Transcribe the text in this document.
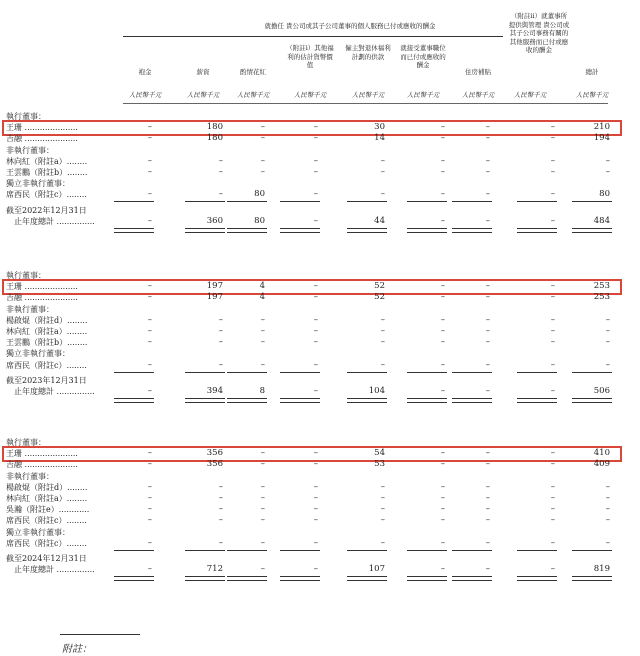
就擔任 貴公司或其子公司董事的個人服務已付或應收的酬金
（附註ii）就董事所提供與管理 貴公司或其子公司事務有關的其他服務而已付或應收的酬金
袍金
人民幣千元
薪資
人民幣千元
酌情花紅
人民幣千元
（附註i）其他福利的估計貨幣價值
人民幣千元
僱主對退休福利計劃的供款
人民幣千元
就接受董事職位而已付或應收的酬金
人民幣千元
住房補貼
人民幣千元	人民幣千元
總計
人民幣千元
執行董事：
王珊 .....................	–	180	–	–	30	–	–	–	210
吉融 .....................	–	180	–	–	14	–	–	–	194
非執行董事：
林向紅（附註a）........	–	–	–	–	–	–	–	–	–
王雲鵬（附註b）........	–	–	–	–	–	–	–	–	–
獨立非執行董事：
席西民（附註c）........	–	–	80	–	–	–	–	–	80
截至2022年12月31日
　止年度總計 ...............	–	360	80	–	44	–	–	–	484
執行董事：
王珊 .....................	–	197	4	–	52	–	–	–	253
吉融 .....................	–	197	4	–	52	–	–	–	253
非執行董事：
楊啟焜（附註d）........	–	–	–	–	–	–	–	–	–
林向紅（附註a）........	–	–	–	–	–	–	–	–	–
王雲鵬（附註b）........	–	–	–	–	–	–	–	–	–
獨立非執行董事：
席西民（附註c）........	–	–	–	–	–	–	–	–	–
截至2023年12月31日
　止年度總計 ...............	–	394	8	–	104	–	–	–	506
執行董事：
王珊 .....................	–	356	–	–	54	–	–	–	410
吉融 .....................	–	356	–	–	53	–	–	–	409
非執行董事：
楊啟焜（附註d）........	–	–	–	–	–	–	–	–	–
林向紅（附註a）........	–	–	–	–	–	–	–	–	–
吳瀚（附註e）............	–	–	–	–	–	–	–	–	–
席西民（附註c）........	–	–	–	–	–	–	–	–	–
獨立非執行董事：
席西民（附註c）........	–	–	–	–	–	–	–	–	–
截至2024年12月31日
　止年度總計 ...............	–	712	–	–	107	–	–	–	819
附註：
